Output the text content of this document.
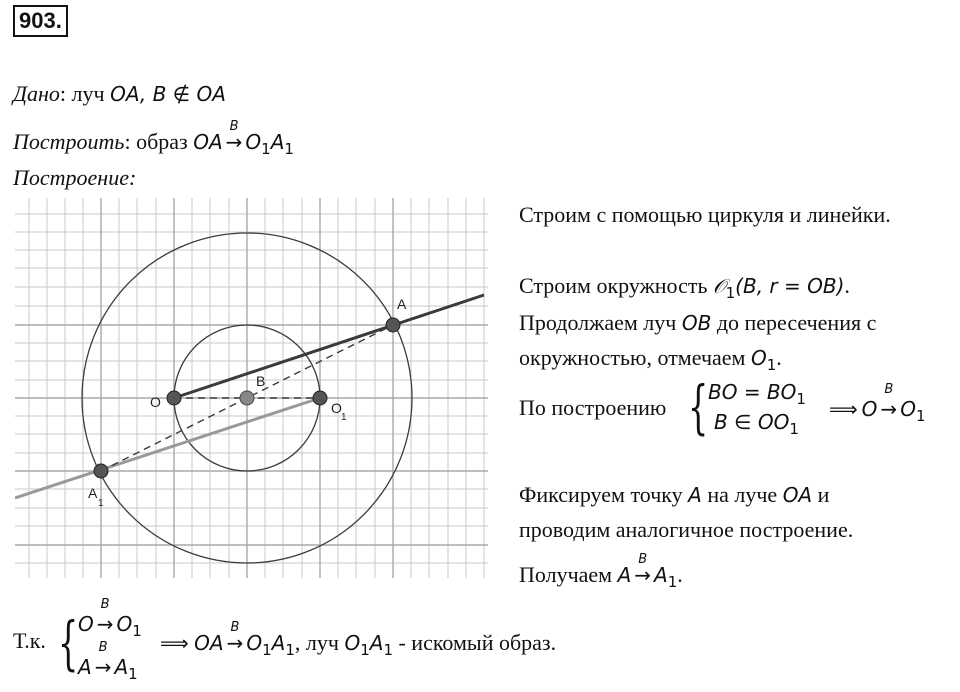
903.
Дано: луч OA, B ∉ OA
Построить: образ OA
B
→ $O_1A_1$
Построение:
O
B
O
1
A
A
1
Строим с помощью циркуля и линейки.
Строим окружность 𝒪$_1$(B, r = OB).
Продолжаем луч OB до пересечения с
окружностью, отмечаем $O_1$.
По построению { BO = BO1
B ∈ OO1
⟹ O
B
→ O1
Фиксируем точку A на луче OA и
проводим аналогичное построение.
Получаем A
B
→ $A_1$.
Т.к. { O
B
→ O1
A
B
→ A1
⟹ OA
B
→ $O_1A_1$, луч $O_1A_1$ - искомый образ.
